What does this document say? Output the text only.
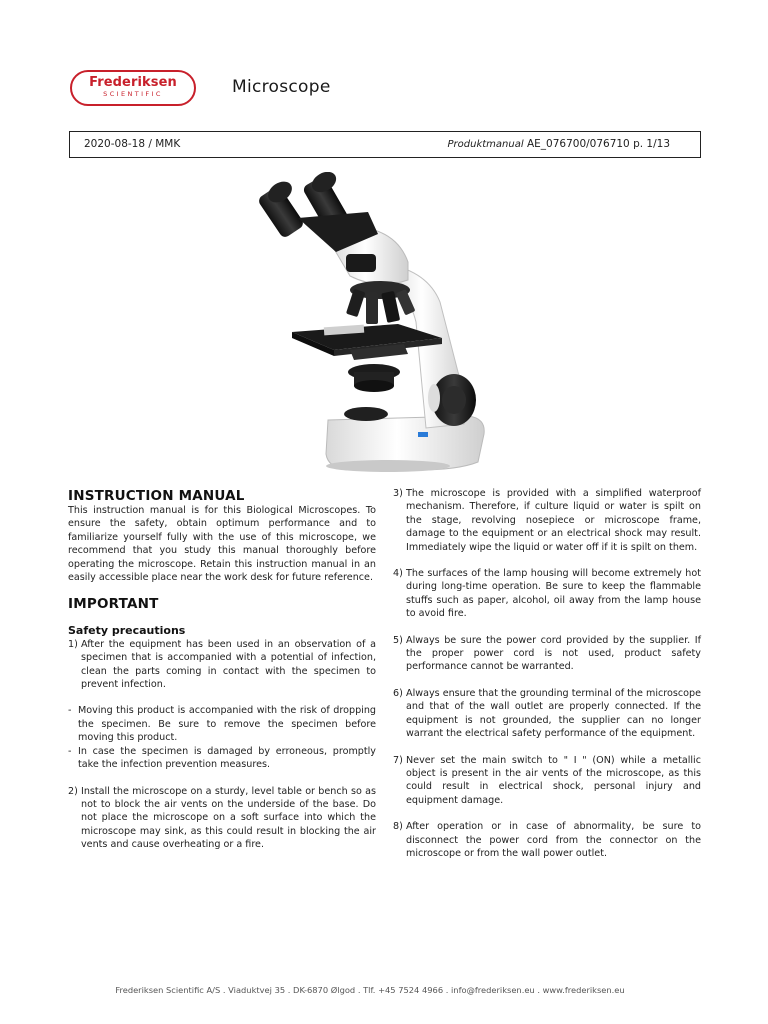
Frederiksen
SCIENTIFIC	Microscope
2020-08-18 / MMK	Produktmanual AE_076700/076710 p. 1/13
INSTRUCTION MANUAL
This instruction manual is for this Biological Microscopes. To ensure the safety, obtain optimum performance and to familiarize yourself fully with the use of this microscope, we recommend that you study this manual thoroughly before operating the microscope. Retain this instruction manual in an easily accessible place near the work desk for future reference.
IMPORTANT
Safety precautions
1) After the equipment has been used in an observation of a specimen that is accompanied with a potential of infection, clean the parts coming in contact with the specimen to prevent infection.
- Moving this product is accompanied with the risk of dropping the specimen. Be sure to remove the specimen before moving this product.
- In case the specimen is damaged by erroneous, promptly take the infection prevention measures.
2) Install the microscope on a sturdy, level table or bench so as not to block the air vents on the underside of the base. Do not place the microscope on a soft surface into which the microscope may sink, as this could result in blocking the air vents and cause overheating or a fire.
3) The microscope is provided with a simplified waterproof mechanism. Therefore, if culture liquid or water is spilt on the stage, revolving nosepiece or microscope frame, damage to the equipment or an electrical shock may result. Immediately wipe the liquid or water off if it is spilt on them.
4) The surfaces of the lamp housing will become extremely hot during long-time operation. Be sure to keep the flammable stuffs such as paper, alcohol, oil away from the lamp house to avoid fire.
5) Always be sure the power cord provided by the supplier. If the proper power cord is not used, product safety performance cannot be warranted.
6) Always ensure that the grounding terminal of the microscope and that of the wall outlet are properly connected. If the equipment is not grounded, the supplier can no longer warrant the electrical safety performance of the equipment.
7) Never set the main switch to " I " (ON) while a metallic object is present in the air vents of the microscope, as this could result in electrical shock, personal injury and equipment damage.
8) After operation or in case of abnormality, be sure to disconnect the power cord from the connector on the microscope or from the wall power outlet.
Frederiksen Scientific A/S . Viaduktvej 35 . DK-6870 Ølgod . Tlf. +45 7524 4966 . info@frederiksen.eu . www.frederiksen.eu
